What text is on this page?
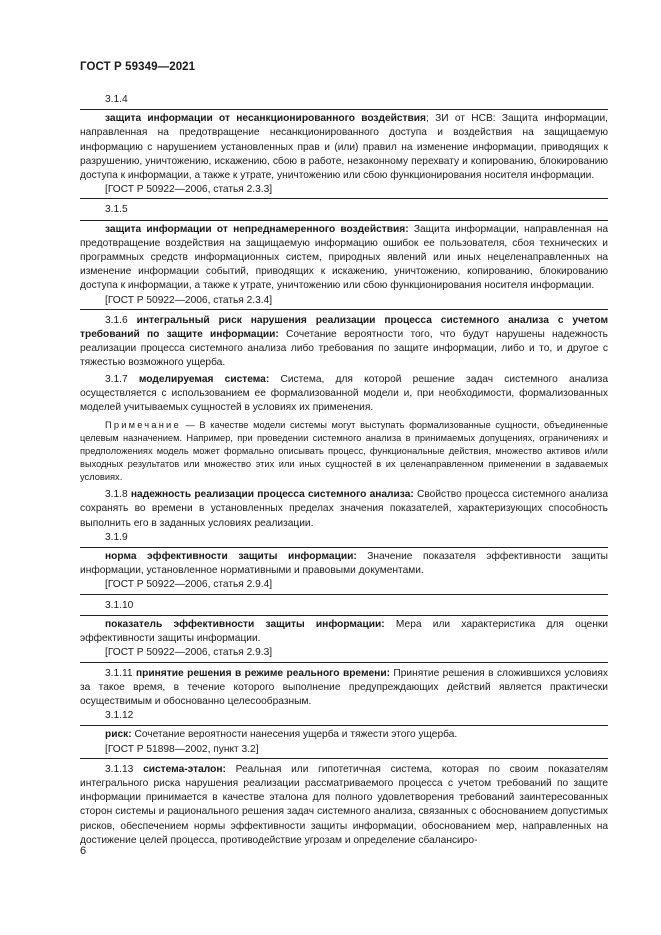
ГОСТ Р 59349—2021

3.1.4

защита информации от несанкционированного воздействия; ЗИ от НСВ: Защита информации, направленная на предотвращение несанкционированного доступа и воздействия на защищаемую информацию с нарушением установленных прав и (или) правил на изменение информации, приводящих к разрушению, уничтожению, искажению, сбою в работе, незаконному перехвату и копированию, блокированию доступа к информации, а также к утрате, уничтожению или сбою функционирования носителя информации.

[ГОСТ Р 50922—2006, статья 2.3.3]

3.1.5

защита информации от непреднамеренного воздействия: Защита информации, направленная на предотвращение воздействия на защищаемую информацию ошибок ее пользователя, сбоя технических и программных средств информационных систем, природных явлений или иных нецеленаправленных на изменение информации событий, приводящих к искажению, уничтожению, копированию, блокированию доступа к информации, а также к утрате, уничтожению или сбою функционирования носителя информации.

[ГОСТ Р 50922—2006, статья 2.3.4]

3.1.6 интегральный риск нарушения реализации процесса системного анализа с учетом требований по защите информации: Сочетание вероятности того, что будут нарушены надежность реализации процесса системного анализа либо требования по защите информации, либо и то, и другое с тяжестью возможного ущерба.

3.1.7 моделируемая система: Система, для которой решение задач системного анализа осуществляется с использованием ее формализованной модели и, при необходимости, формализованных моделей учитываемых сущностей в условиях их применения.

Примечание — В качестве модели системы могут выступать формализованные сущности, объединенные целевым назначением. Например, при проведении системного анализа в принимаемых допущениях, ограничениях и предположениях модель может формально описывать процесс, функциональные действия, множество активов и/или выходных результатов или множество этих или иных сущностей в их целенаправленном применении в задаваемых условиях.

3.1.8 надежность реализации процесса системного анализа: Свойство процесса системного анализа сохранять во времени в установленных пределах значения показателей, характеризующих способность выполнить его в заданных условиях реализации.

3.1.9

норма эффективности защиты информации: Значение показателя эффективности защиты информации, установленное нормативными и правовыми документами.

[ГОСТ Р 50922—2006, статья 2.9.4]

3.1.10

показатель эффективности защиты информации: Мера или характеристика для оценки эффективности защиты информации.

[ГОСТ Р 50922—2006, статья 2.9.3]

3.1.11 принятие решения в режиме реального времени: Принятие решения в сложившихся условиях за такое время, в течение которого выполнение предупреждающих действий является практически осуществимым и обоснованно целесообразным.

3.1.12

риск: Сочетание вероятности нанесения ущерба и тяжести этого ущерба.

[ГОСТ Р 51898—2002, пункт 3.2]

3.1.13 система-эталон: Реальная или гипотетичная система, которая по своим показателям интегрального риска нарушения реализации рассматриваемого процесса с учетом требований по защите информации принимается в качестве эталона для полного удовлетворения требований заинтересованных сторон системы и рационального решения задач системного анализа, связанных с обоснованием допустимых рисков, обеспечением нормы эффективности защиты информации, обоснованием мер, направленных на достижение целей процесса, противодействие угрозам и определение сбалансиро-

6
